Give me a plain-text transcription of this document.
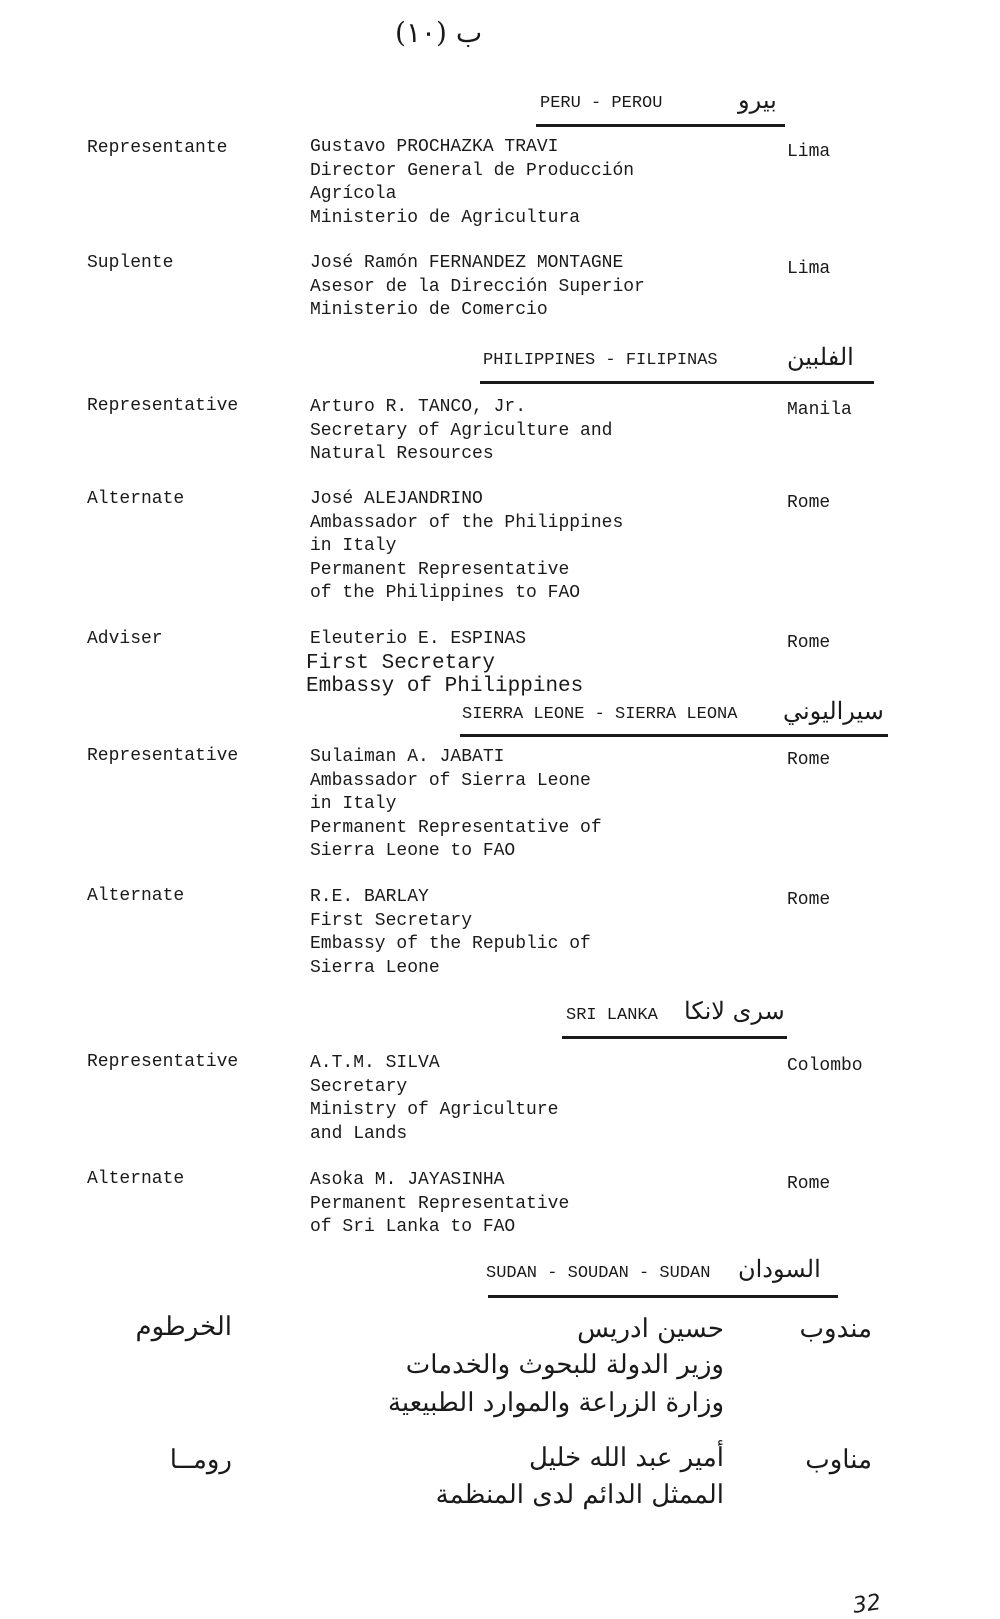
ب (١٠)
PERU - PEROU	بيرو
Representante	Gustavo PROCHAZKA TRAVI
Director General de Producción
Agrícola
Ministerio de Agricultura
Lima
Suplente	José Ramón FERNANDEZ MONTAGNE
Asesor de la Dirección Superior
Ministerio de Comercio
Lima
PHILIPPINES - FILIPINAS	الفلبين
Representative	Arturo R. TANCO, Jr.
Secretary of Agriculture and
Natural Resources
Manila
Alternate	José ALEJANDRINO
Ambassador of the Philippines
in Italy
Permanent Representative
of the Philippines to FAO
Rome
Adviser	Eleuterio E. ESPINAS
First Secretary
Embassy of Philippines
Rome
SIERRA LEONE - SIERRA LEONA سيراليوني
Representative	Sulaiman A. JABATI
Ambassador of Sierra Leone
in Italy
Permanent Representative of
Sierra Leone to FAO
Rome
Alternate	R.E. BARLAY
First Secretary
Embassy of the Republic of
Sierra Leone
Rome
SRI LANKA سرى لانكا
Representative	A.T.M. SILVA
Secretary
Ministry of Agriculture
and Lands
Colombo
Alternate	Asoka M. JAYASINHA
Permanent Representative
of Sri Lanka to FAO
Rome
SUDAN - SOUDAN - SUDAN السودان
مندوب
حسين ادريس
وزير الدولة للبحوث والخدمات
وزارة الزراعة والموارد الطبيعية
الخرطوم
مناوب
أمير عبد الله خليل
الممثل الدائم لدى المنظمة
رومــا
32
